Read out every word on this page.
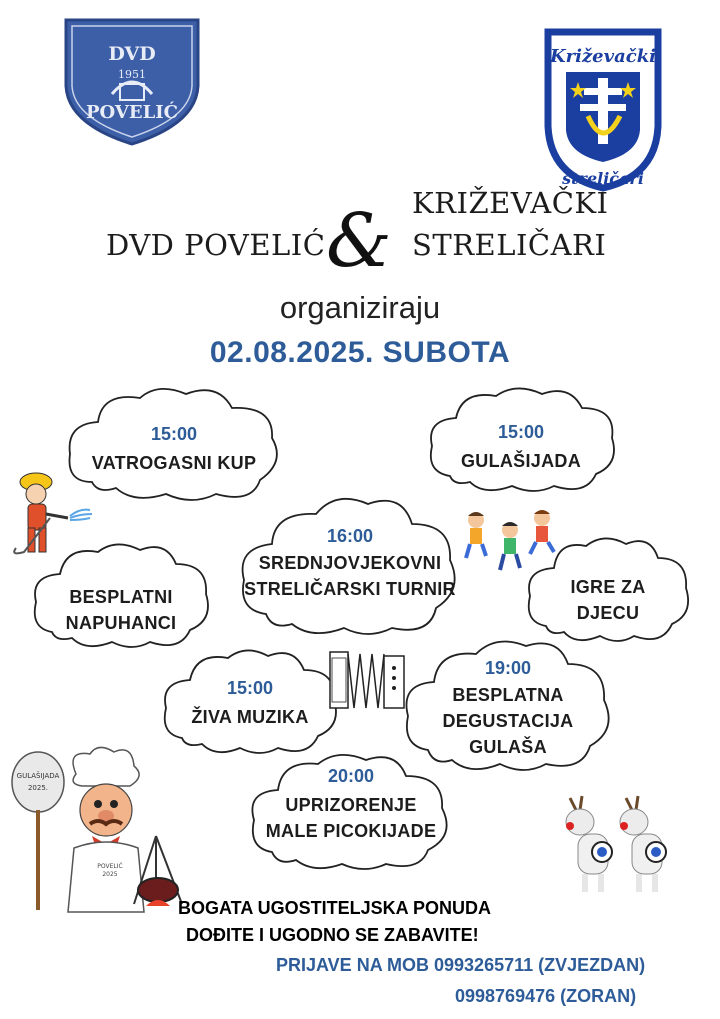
DVD
1951
POVELIĆ
Križevački
streličari
DVD POVELIĆ & KRIŽEVAČKI
STRELIČARI
organiziraju
02.08.2025. SUBOTA
15:00
VATROGASNI KUP
15:00
GULAŠIJADA
16:00
SREDNJOVJEKOVNI
STRELIČARSKI TURNIR
BESPLATNI
NAPUHANCI
IGRE ZA
DJECU
15:00
ŽIVA MUZIKA
19:00
BESPLATNA
DEGUSTACIJA
GULAŠA
20:00
UPRIZORENJE
MALE PICOKIJADE
GULAŠIJADA
2025.
POVELIĆ
2025
BOGATA UGOSTITELJSKA PONUDA
DOĐITE I UGODNO SE ZABAVITE!
PRIJAVE NA MOB 0993265711 (ZVJEZDAN)
0998769476 (ZORAN)
